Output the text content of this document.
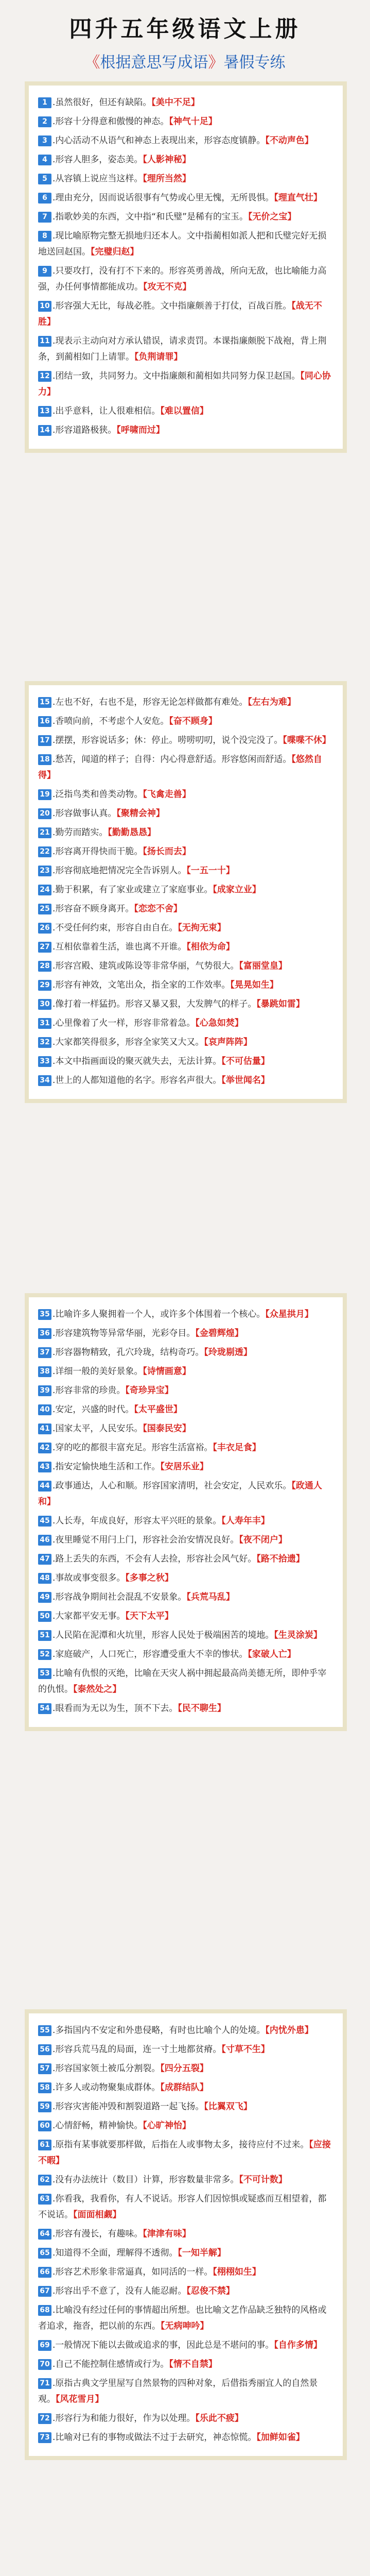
四升五年级语文上册
《根据意思写成语》暑假专练
1 .虽然很好，但还有缺陷。 【 美中不足 】
2 .形容十分得意和傲慢的神态。 【 神气十足 】
3 .内心活动不从语气和神态上表现出来，形容态度镇静。 【 不动声色 】
4 .形容人胆多，姿态美。 【 人影神秘 】
5 .从容镇上说应当这样。 【 理所当然 】
6 .理由充分，因而说话很事有气势或心里无愧，无所畏惧。 【 理直气壮 】
7 .指歌妙美的东西，文中指“和氏璧”是稀有的宝玉。 【 无价之宝 】
8 .现比喻原物完整无损地归还本人。文中指蔺相如派人把和氏璧完好无损地送回赵国。 【 完璧归赵 】
9 .只要攻打，没有打不下来的。形容英勇善战，所向无敌，也比喻能力高强，办任何事情都能成功。 【 攻无不克 】
10 .形容强大无比，每战必胜。文中指廉颇善于打仗，百战百胜。 【 战无不胜 】
11 .现表示主动向对方承认错误，请求责罚。本课指廉颇脱下战袍，背上荆条，到蔺相如门上请罪。 【 负荆请罪 】
12 .团结一致，共同努力。文中指廉颇和蔺相如共同努力保卫赵国。 【 同心协力 】
13 .出乎意料，让人很难相信。 【 难以置信 】
14 .形容道路极狭。 【 呼啸而过 】
15 .左也不好，右也不是，形容无论怎样做都有难处。 【 左右为难 】
16 .香喷向前，不考虑个人安危。 【 奋不顾身 】
17 .摆摆，形容说话多；休：停止。唠唠叨叨，说个没完没了。 【 喋喋不休 】
18 .愁苦，闻道的样子；自得：内心得意舒适。形容悠闲而舒适。 【 悠然自得 】
19 .泛指鸟类和兽类动物。 【 飞禽走兽 】
20 .形容做事认真。 【 聚精会神 】
21 .勤劳而踏实。 【 勤勤恳恳 】
22 .形容离开得快而干脆。 【 扬长而去 】
23 .形容彻底地把情况完全告诉别人。 【 一五一十 】
24 .勤于积累，有了家业或建立了家庭事业。 【 成家立业 】
25 .形容奋不顾身离开。 【 恋恋不舍 】
26 .不受任何约束，形容自由自在。 【 无拘无束 】
27 .互相依靠着生活，谁也离不开谁。 【 相依为命 】
28 .形容宫殿、建筑或陈设等非常华丽，气势很大。 【 富丽堂皇 】
29 .形容有神效，文笔出众，指全家的工作效率。 【 晃晃如生 】
30 .像打着一样猛扔。形容又暴又狠，大发脾气的样子。 【 暴跳如雷 】
31 .心里像着了火一样，形容非常着急。 【 心急如焚 】
32 .大家都笑得很多，形容全家笑又大又。 【 哀声阵阵 】
33 .本文中指画面设的聚灭就失去，无法计算。 【 不可估量 】
34 .世上的人都知道他的名字。形容名声很大。 【 举世闻名 】
35 .比喻许多人聚拥着一个人，或许多个体围着一个核心。 【 众星拱月 】
36 .形容建筑物等异常华丽，光彩夺目。 【 金碧辉煌 】
37 .形容器物精致，孔穴玲珑，结构奇巧。 【 玲珑剔透 】
38 .详细一般的美好景象。 【 诗情画意 】
39 .形容非常的珍贵。 【 奇珍异宝 】
40 .安定，兴盛的时代。 【 太平盛世 】
41 .国家太平，人民安乐。 【 国泰民安 】
42 .穿的吃的都很丰富充足。形容生活富裕。 【 丰衣足食 】
43 .指安定愉快地生活和工作。 【 安居乐业 】
44 .政事通达，人心和顺。形容国家清明，社会安定，人民欢乐。 【 政通人和 】
45 .人长寿，年成良好，形容太平兴旺的景象。 【 人寿年丰 】
46 .夜里睡觉不用闩上门，形容社会治安情况良好。 【 夜不闭户 】
47 .路上丢失的东西，不会有人去捡，形容社会风气好。 【 路不拾遗 】
48 .事故或事变很多。 【 多事之秋 】
49 .形容战争期间社会混乱不安景象。 【 兵荒马乱 】
50 .大家都平安无事。 【 天下太平 】
51 .人民陷在泥潭和火坑里，形容人民处于极端困苦的境地。 【 生灵涂炭 】
52 .家庭破产，人口死亡，形容遭受重大不幸的惨状。 【 家破人亡 】
53 .比喻有仇恨的灭绝，比喻在天灾人祸中拥起最高尚美德无所，即仲乎宰的仇恨。 【 泰然处之 】
54 .眼看而为无以为生，顶不下去。 【 民不聊生 】
55 .多指国内不安定和外患侵略，有时也比喻个人的处境。 【 内忧外患 】
56 .形容兵荒马乱的局面，连一寸土地都贫瘠。 【 寸草不生 】
57 .形容国家领土被瓜分割裂。 【 四分五裂 】
58 .许多人或动物聚集成群体。 【 成群结队 】
59 .形容灾害能冲毁和割裂道路一起飞扬。 【 比翼双飞 】
60 .心情舒畅，精神愉快。 【 心旷神怡 】
61 .原指有某事就要那样做，后指在人或事物太多，接待应付不过来。 【 应接不暇 】
62 .没有办法统计（数目）计算，形容数量非常多。 【 不可计数 】
63 .你看我，我看你，有人不说话。形容人们因惊惧或疑惑而互相望着，都不说话。 【 面面相觑 】
64 .形容有漫长，有趣味。 【 津津有味 】
65 .知道得不全面，理解得不透彻。 【 一知半解 】
66 .形容艺术形象非常逼真，如同活的一样。 【 栩栩如生 】
67 .形容出乎不意了，没有人能忍耐。 【 忍俊不禁 】
68 .比喻没有经过任何的事情超出所想。也比喻文艺作品缺乏独特的风格或者追求，拖沓，把以前的东西。 【 无病呻吟 】
69 .一般情况下能以去做或追求的事，因此总是不堪问的事。 【 自作多情 】
70 .自己不能控制住感情或行为。 【 情不自禁 】
71 .原指古典文学里屋写自然景物的四种对象，后借指秀丽宜人的自然景观。 【 风花雪月 】
72 .形容行为和能力很好，作为以处理。 【 乐此不疲 】
73 .比喻对已有的事物或做法不过于去研究，神态惊慌。 【 加鲜如雀 】
